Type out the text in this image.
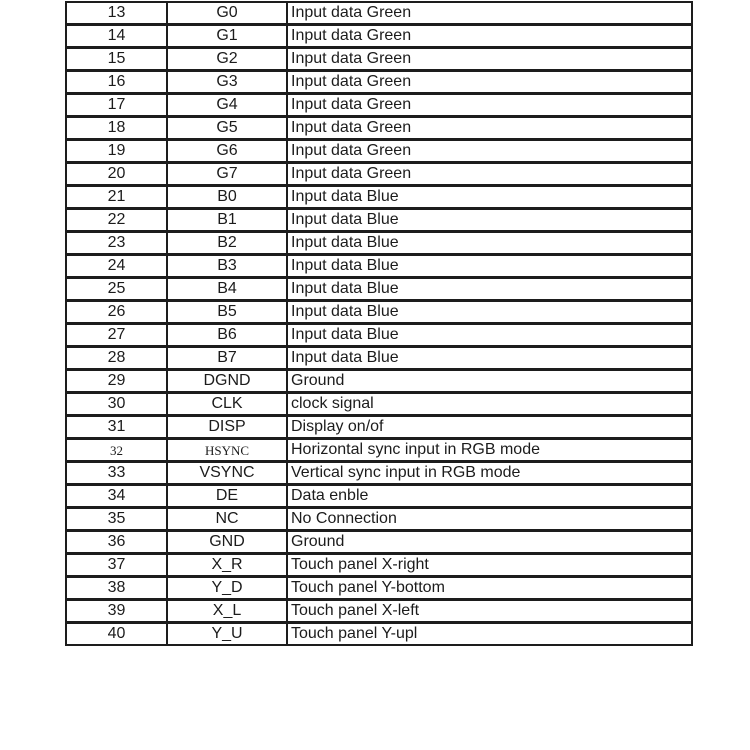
13	G0	Input data Green
14	G1	Input data Green
15	G2	Input data Green
16	G3	Input data Green
17	G4	Input data Green
18	G5	Input data Green
19	G6	Input data Green
20	G7	Input data Green
21	B0	Input data Blue
22	B1	Input data Blue
23	B2	Input data Blue
24	B3	Input data Blue
25	B4	Input data Blue
26	B5	Input data Blue
27	B6	Input data Blue
28	B7	Input data Blue
29	DGND	Ground
30	CLK	clock signal
31	DISP	Display on/of
32	HSYNC	Horizontal sync input in RGB mode
33	VSYNC	Vertical sync input in RGB mode
34	DE	Data enble
35	NC	No Connection
36	GND	Ground
37	X_R	Touch panel X-right
38	Y_D	Touch panel Y-bottom
39	X_L	Touch panel X-left
40	Y_U	Touch panel Y-upl
